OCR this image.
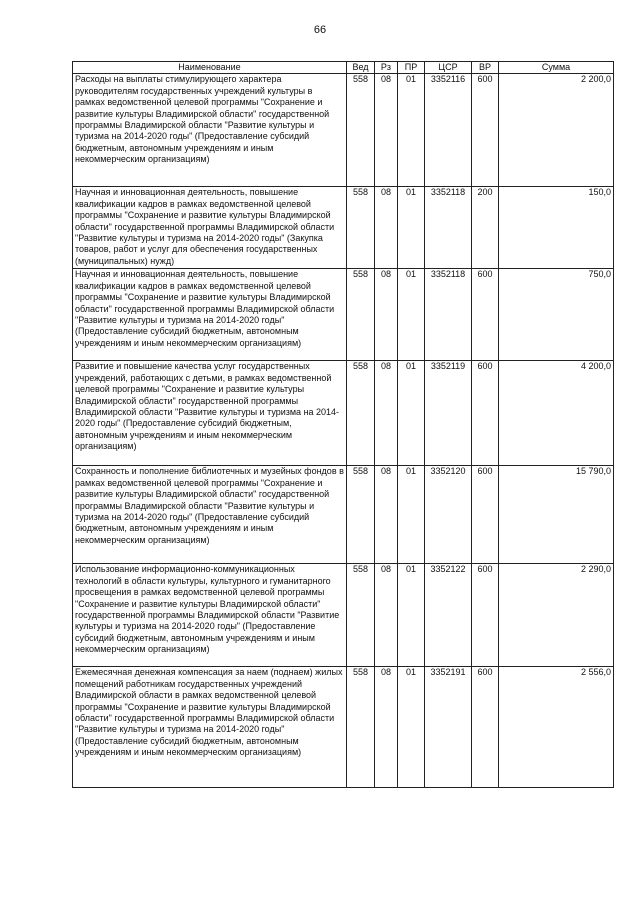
66
Наименование	Вед	Рз	ПР	ЦСР	ВР	Сумма
Расходы на выплаты стимулирующего характера руководителям государственных учреждений культуры в рамках ведомственной целевой программы "Сохранение и развитие культуры Владимирской области" государственной программы Владимирской области "Развитие культуры и туризма на 2014-2020 годы" (Предоставление субсидий бюджетным, автономным учреждениям и иным некоммерческим организациям)	558	08	01	3352116	600	2 200,0
Научная и инновационная деятельность, повышение квалификации кадров в рамках ведомственной целевой программы "Сохранение и развитие культуры Владимирской области" государственной программы Владимирской области "Развитие культуры и туризма на 2014-2020 годы" (Закупка товаров, работ и услуг для обеспечения государственных (муниципальных) нужд)	558	08	01	3352118	200	150,0
Научная и инновационная деятельность, повышение квалификации кадров в рамках ведомственной целевой программы "Сохранение и развитие культуры Владимирской области" государственной программы Владимирской области "Развитие культуры и туризма на 2014-2020 годы" (Предоставление субсидий бюджетным, автономным учреждениям и иным некоммерческим организациям)	558	08	01	3352118	600	750,0
Развитие и повышение качества услуг государственных учреждений, работающих с детьми, в рамках ведомственной целевой программы "Сохранение и развитие культуры Владимирской области" государственной программы Владимирской области "Развитие культуры и туризма на 2014-2020 годы" (Предоставление субсидий бюджетным, автономным учреждениям и иным некоммерческим организациям)	558	08	01	3352119	600	4 200,0
Сохранность и пополнение библиотечных и музейных фондов в рамках ведомственной целевой программы "Сохранение и развитие культуры Владимирской области" государственной программы Владимирской области "Развитие культуры и туризма на 2014-2020 годы" (Предоставление субсидий бюджетным, автономным учреждениям и иным некоммерческим организациям)	558	08	01	3352120	600	15 790,0
Использование информационно-коммуникационных технологий в области культуры, культурного и гуманитарного просвещения в рамках ведомственной целевой программы "Сохранение и развитие культуры Владимирской области" государственной программы Владимирской области "Развитие культуры и туризма на 2014-2020 годы" (Предоставление субсидий бюджетным, автономным учреждениям и иным некоммерческим организациям)	558	08	01	3352122	600	2 290,0
Ежемесячная денежная компенсация за наем (поднаем) жилых помещений работникам государственных учреждений Владимирской области в рамках ведомственной целевой программы "Сохранение и развитие культуры Владимирской области" государственной программы Владимирской области "Развитие культуры и туризма на 2014-2020 годы" (Предоставление субсидий бюджетным, автономным учреждениям и иным некоммерческим организациям)	558	08	01	3352191	600	2 556,0
